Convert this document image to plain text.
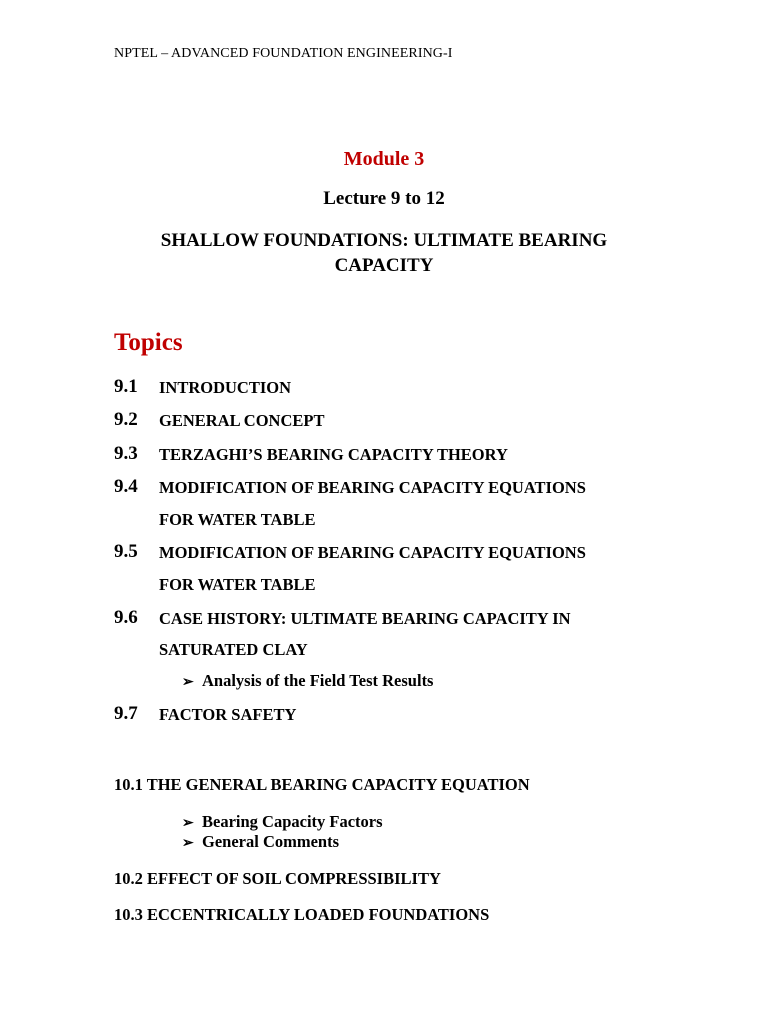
NPTEL – ADVANCED FOUNDATION ENGINEERING-I
Module 3
Lecture 9 to 12
SHALLOW FOUNDATIONS: ULTIMATE BEARING
CAPACITY
Topics
9.1 INTRODUCTION
9.2 GENERAL CONCEPT
9.3 TERZAGHI’S BEARING CAPACITY THEORY
9.4 MODIFICATION OF BEARING CAPACITY EQUATIONS
FOR WATER TABLE
9.5 MODIFICATION OF BEARING CAPACITY EQUATIONS
FOR WATER TABLE
9.6 CASE HISTORY: ULTIMATE BEARING CAPACITY IN
SATURATED CLAY
➢ Analysis of the Field Test Results
9.7 FACTOR SAFETY
10.1 THE GENERAL BEARING CAPACITY EQUATION
➢ Bearing Capacity Factors
➢ General Comments
10.2 EFFECT OF SOIL COMPRESSIBILITY
10.3 ECCENTRICALLY LOADED FOUNDATIONS
